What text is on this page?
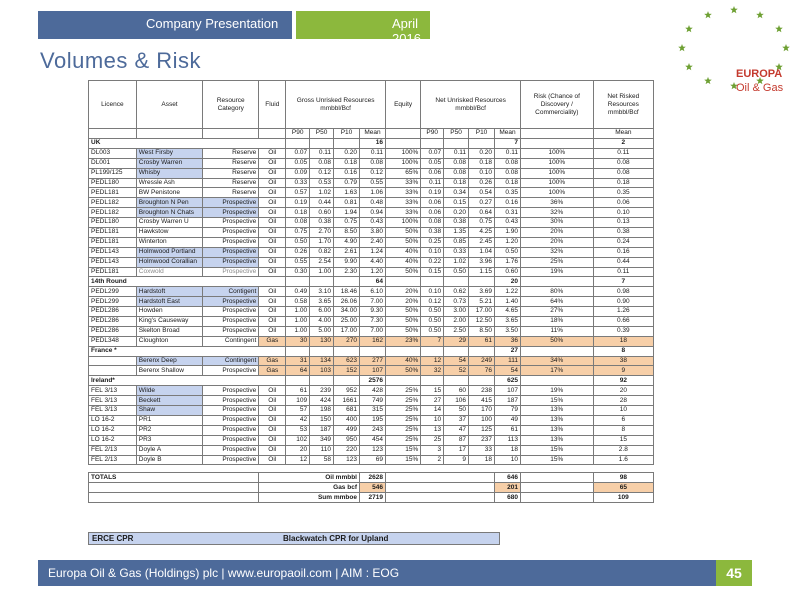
Company Presentation	April 2016
Volumes & Risk
EUROPA
Oil & Gas
Licence	Asset	Resource Category	Fluid	Gross Unrisked Resources mmbbl/Bcf				Equity	Net Unrisked Resources mmbbl/Bcf				Risk (Chance of Discovery / Commerciality)	Net Risked Resources mmbbl/Bcf
				P90	P50	P10	Mean		P90	P50	P10	Mean		Mean
UK							16					7		2
DL003	West Firsby	Reserve	Oil	0.07	0.11	0.20	0.11	100%	0.07	0.11	0.20	0.11	100%	0.11
DL001	Crosby Warren	Reserve	Oil	0.05	0.08	0.18	0.08	100%	0.05	0.08	0.18	0.08	100%	0.08
PL199/125	Whisby	Reserve	Oil	0.09	0.12	0.16	0.12	65%	0.06	0.08	0.10	0.08	100%	0.08
PEDL180	Wressle Ash	Reserve	Oil	0.33	0.53	0.79	0.55	33%	0.11	0.18	0.26	0.18	100%	0.18
PEDL181	BW Penistone	Reserve	Oil	0.57	1.02	1.63	1.06	33%	0.19	0.34	0.54	0.35	100%	0.35
PEDL182	Broughton N Pen	Prospective	Oil	0.19	0.44	0.81	0.48	33%	0.06	0.15	0.27	0.16	36%	0.06
PEDL182	Broughton N Chats	Prospective	Oil	0.18	0.60	1.94	0.94	33%	0.06	0.20	0.64	0.31	32%	0.10
PEDL180	Crosby Warren U	Prospective	Oil	0.08	0.38	0.75	0.43	100%	0.08	0.38	0.75	0.43	30%	0.13
PEDL181	Hawkstow	Prospective	Oil	0.75	2.70	8.50	3.80	50%	0.38	1.35	4.25	1.90	20%	0.38
PEDL181	Winterton	Prospective	Oil	0.50	1.70	4.90	2.40	50%	0.25	0.85	2.45	1.20	20%	0.24
PEDL143	Holmwood Portland	Prospective	Oil	0.26	0.82	2.61	1.24	40%	0.10	0.33	1.04	0.50	32%	0.16
PEDL143	Holmwood Corallian	Prospective	Oil	0.55	2.54	9.90	4.40	40%	0.22	1.02	3.96	1.76	25%	0.44
PEDL181	Coxwold	Prospective	Oil	0.30	1.00	2.30	1.20	50%	0.15	0.50	1.15	0.60	19%	0.11
14th Round							64					20		7
PEDL299	Hardstoft	Contigent	Oil	0.49	3.10	18.46	6.10	20%	0.10	0.62	3.69	1.22	80%	0.98
PEDL299	Hardstoft East	Prospective	Oil	0.58	3.65	26.06	7.00	20%	0.12	0.73	5.21	1.40	64%	0.90
PEDL286	Howden	Prospective	Oil	1.00	6.00	34.00	9.30	50%	0.50	3.00	17.00	4.65	27%	1.26
PEDL286	King's Causeway	Prospective	Oil	1.00	4.00	25.00	7.30	50%	0.50	2.00	12.50	3.65	18%	0.66
PEDL286	Skelton Broad	Prospective	Oil	1.00	5.00	17.00	7.00	50%	0.50	2.50	8.50	3.50	11%	0.39
PEDL348	Cloughton	Contingent	Gas	30	130	270	162	23%	7	29	61	36	50%	18
France *												27		8
	Berenx Deep	Contingent	Gas	31	134	623	277	40%	12	54	249	111	34%	38
	Berenx Shallow	Prospective	Gas	64	103	152	107	50%	32	52	76	54	17%	9
Ireland*							2576					625		92
FEL 3/13	Wilde	Prospective	Oil	61	239	952	428	25%	15	60	238	107	19%	20
FEL 3/13	Beckett	Prospective	Oil	109	424	1661	749	25%	27	106	415	187	15%	28
FEL 3/13	Shaw	Prospective	Oil	57	198	681	315	25%	14	50	170	79	13%	10
LO 16-2	PR1	Prospective	Oil	42	150	400	195	25%	10	37	100	49	13%	6
LO 16-2	PR2	Prospective	Oil	53	187	499	243	25%	13	47	125	61	13%	8
LO 16-2	PR3	Prospective	Oil	102	349	950	454	25%	25	87	237	113	13%	15
FEL 2/13	Doyle A	Prospective	Oil	20	110	220	123	15%	3	17	33	18	15%	2.8
FEL 2/13	Doyle B	Prospective	Oil	12	58	123	69	15%	2	9	18	10	15%	1.6

TOTALS			Oil mmbbl				2628					646		98
			Gas bcf				546					201		65
			Sum mmboe				2719					680		109
ERCE CPR	Blackwatch CPR for Upland
Europa Oil & Gas (Holdings) plc | www.europaoil.com | AIM : EOG	45
